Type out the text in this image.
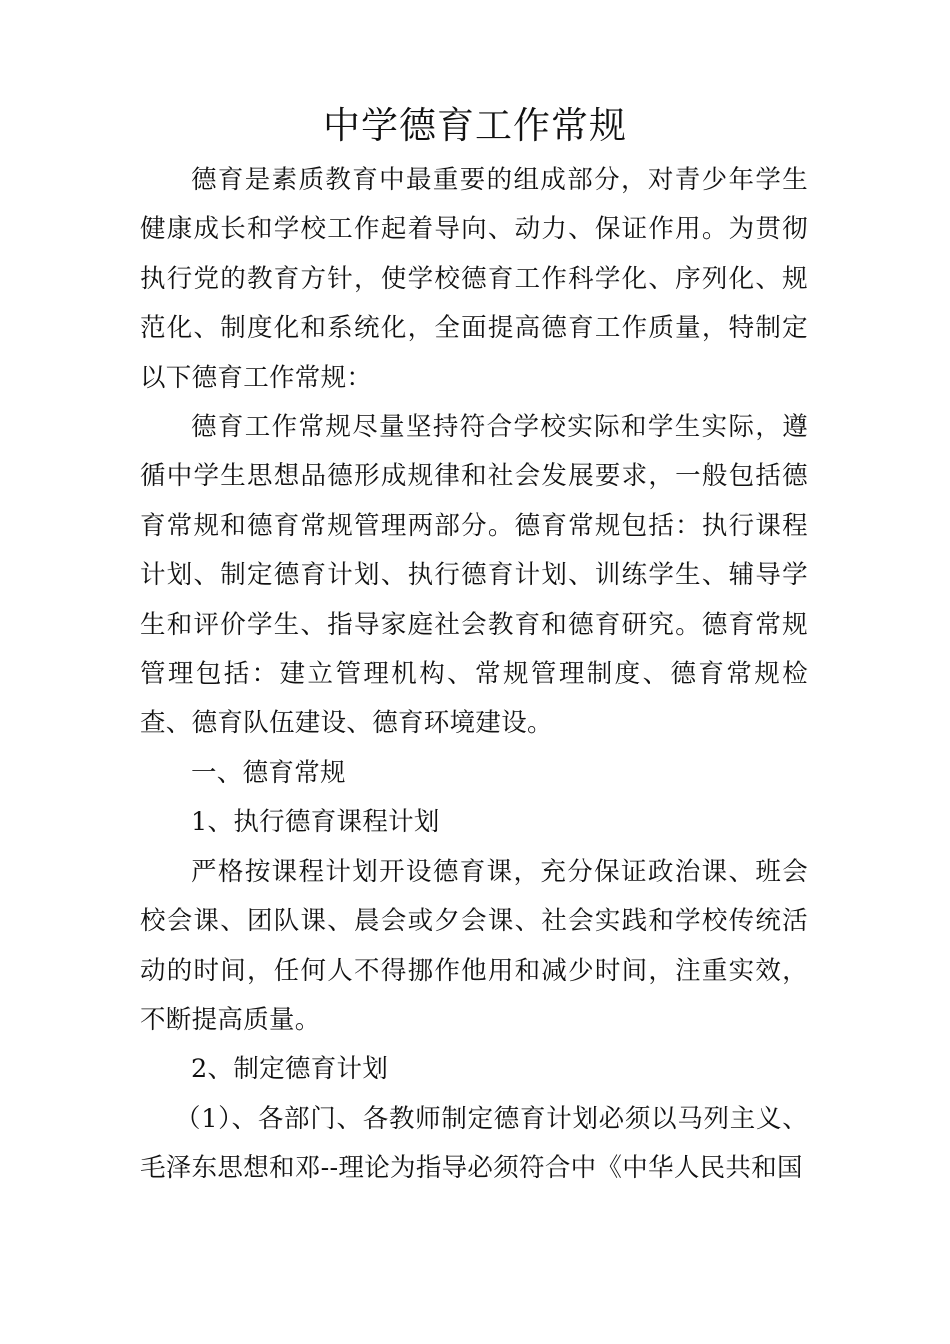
中学德育工作常规

德育是素质教育中最重要的组成部分，对青少年学生健康成长和学校工作起着导向、动力、保证作用。为贯彻执行党的教育方针，使学校德育工作科学化、序列化、规范化、制度化和系统化，全面提高德育工作质量，特制定以下德育工作常规：

德育工作常规尽量坚持符合学校实际和学生实际，遵循中学生思想品德形成规律和社会发展要求，一般包括德育常规和德育常规管理两部分。德育常规包括：执行课程计划、制定德育计划、执行德育计划、训练学生、辅导学生和评价学生、指导家庭社会教育和德育研究。德育常规管理包括：建立管理机构、常规管理制度、德育常规检查、德育队伍建设、德育环境建设。

一、德育常规

1、执行德育课程计划

严格按课程计划开设德育课，充分保证政治课、班会校会课、团队课、晨会或夕会课、社会实践和学校传统活动的时间，任何人不得挪作他用和减少时间，注重实效，不断提高质量。

2、制定德育计划

（1）、各部门、各教师制定德育计划必须以马列主义、毛泽东思想和邓--理论为指导必须符合中《中华人民共和国
